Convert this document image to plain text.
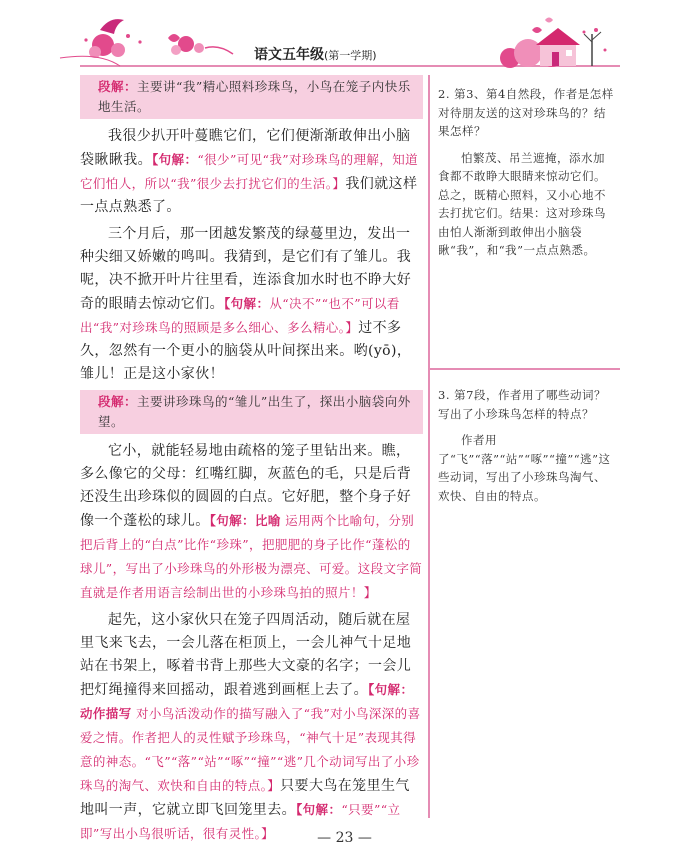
语文五年级(第一学期)
段解：主要讲“我”精心照料珍珠鸟，小鸟在笼子内快乐地生活。

我很少扒开叶蔓瞧它们，它们便渐渐敢伸出小脑袋瞅瞅我。【句解：“很少”可见“我”对珍珠鸟的理解，知道它们怕人，所以“我”很少去打扰它们的生活。】我们就这样一点点熟悉了。

三个月后，那一团越发繁茂的绿蔓里边，发出一种尖细又娇嫩的鸣叫。我猜到，是它们有了雏儿。我呢，决不掀开叶片往里看，连添食加水时也不睁大好奇的眼睛去惊动它们。【句解：从“决不”“也不”可以看出“我”对珍珠鸟的照顾是多么细心、多么精心。】过不多久，忽然有一个更小的脑袋从叶间探出来。哟(yō)，雏儿！正是这小家伙！

段解：主要讲珍珠鸟的“雏儿”出生了，探出小脑袋向外望。

它小，就能轻易地由疏格的笼子里钻出来。瞧，多么像它的父母：红嘴红脚，灰蓝色的毛，只是后背还没生出珍珠似的圆圆的白点。它好肥，整个身子好像一个蓬松的球儿。【句解：比喻 运用两个比喻句，分别把后背上的“白点”比作“珍珠”，把肥肥的身子比作“蓬松的球儿”，写出了小珍珠鸟的外形极为漂亮、可爱。这段文字简直就是作者用语言绘制出世的小珍珠鸟拍的照片！】

起先，这小家伙只在笼子四周活动，随后就在屋里飞来飞去，一会儿落在柜顶上，一会儿神气十足地站在书架上，啄着书背上那些大文豪的名字；一会儿把灯绳撞得来回摇动，跟着逃到画框上去了。【句解：动作描写 对小鸟活泼动作的描写融入了“我”对小鸟深深的喜爱之情。作者把人的灵性赋予珍珠鸟，“神气十足”表现其得意的神态。“飞”“落”“站”“啄”“撞”“逃”几个动词写出了小珍珠鸟的淘气、欢快和自由的特点。】只要大鸟在笼里生气地叫一声，它就立即飞回笼里去。【句解：“只要”“立即”写出小鸟很听话，很有灵性。】

2. 第3、第4自然段，作者是怎样对待朋友送的这对珍珠鸟的？结果怎样？
怕繁茂、吊兰遮掩，添水加食都不敢睁大眼睛来惊动它们。总之，既精心照料，又小心地不去打扰它们。结果：这对珍珠鸟由怕人渐渐到敢伸出小脑袋瞅“我”，和“我”一点点熟悉。
3. 第7段，作者用了哪些动词？写出了小珍珠鸟怎样的特点？
作者用了“飞”“落”“站”“啄”“撞”“逃”这些动词，写出了小珍珠鸟淘气、欢快、自由的特点。
— 23 —
